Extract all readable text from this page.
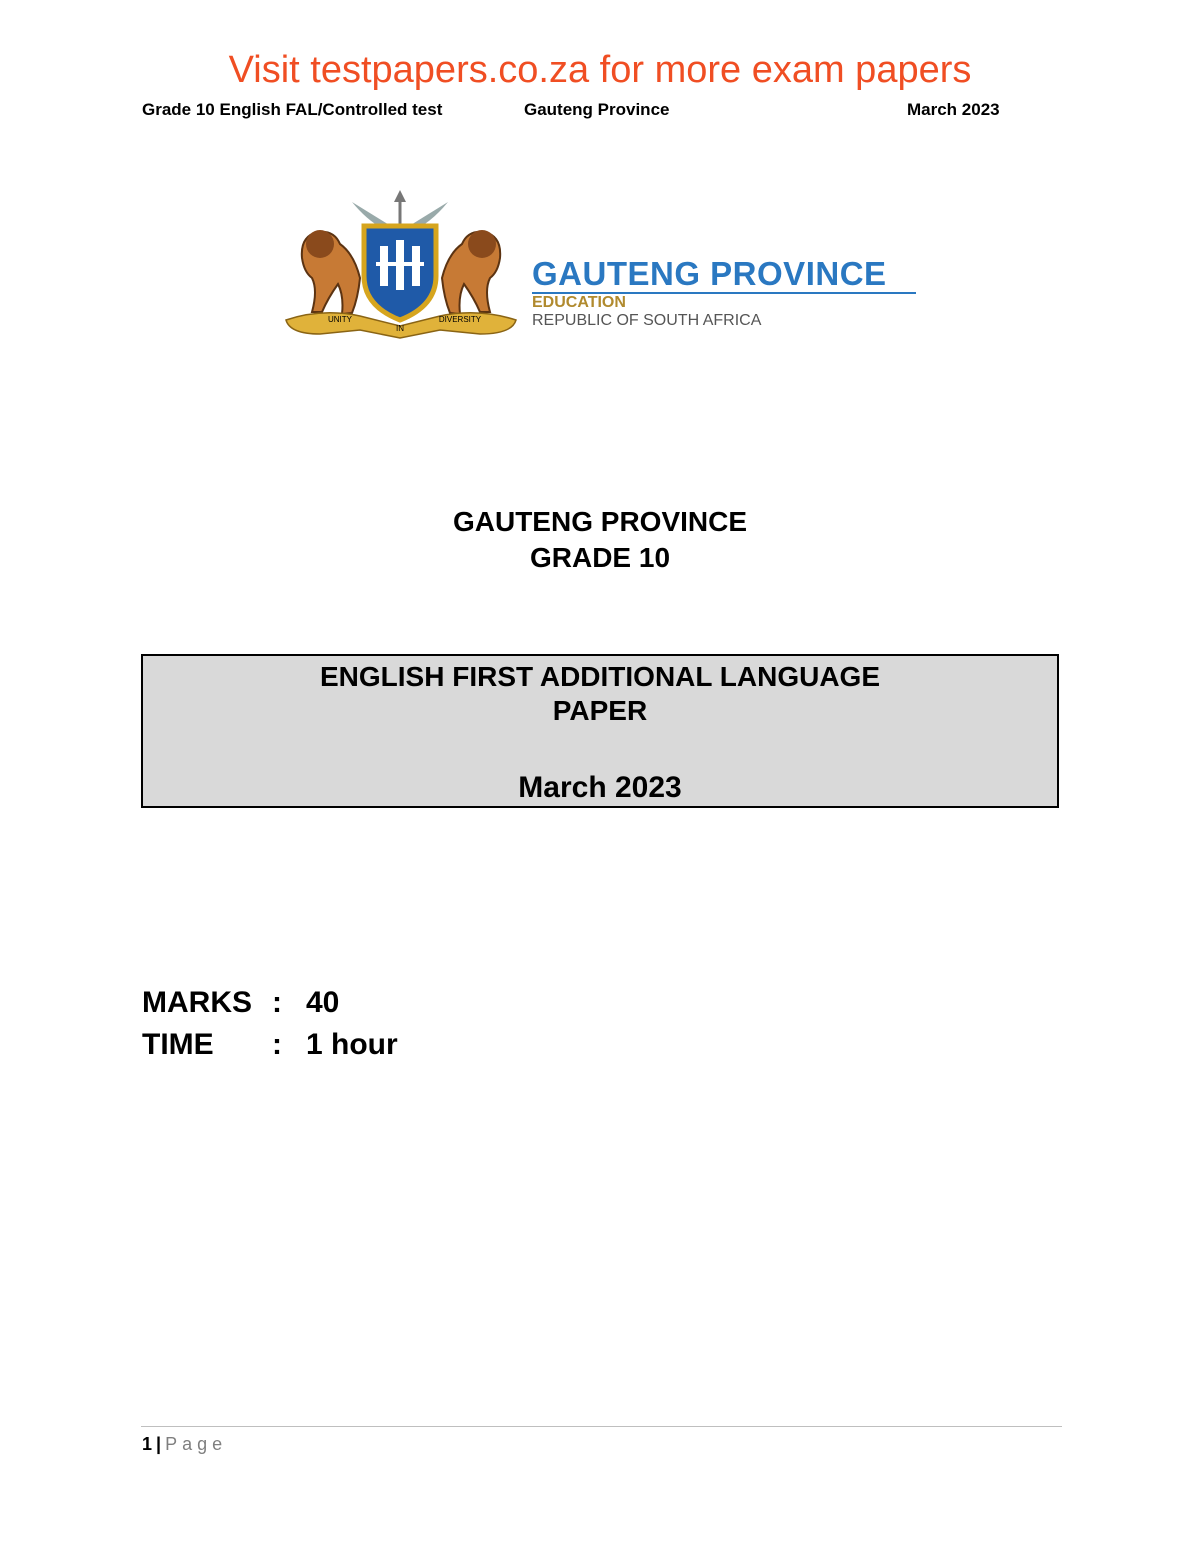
Visit testpapers.co.za for more exam papers
Grade 10 English FAL/Controlled test	Gauteng Province	March 2023
UNITY
IN
DIVERSITY
GAUTENG PROVINCE
EDUCATION
REPUBLIC OF SOUTH AFRICA
GAUTENG PROVINCE
GRADE 10
ENGLISH FIRST ADDITIONAL LANGUAGE
PAPER
March 2023
MARKS : 40
TIME : 1 hour
1 | Page
